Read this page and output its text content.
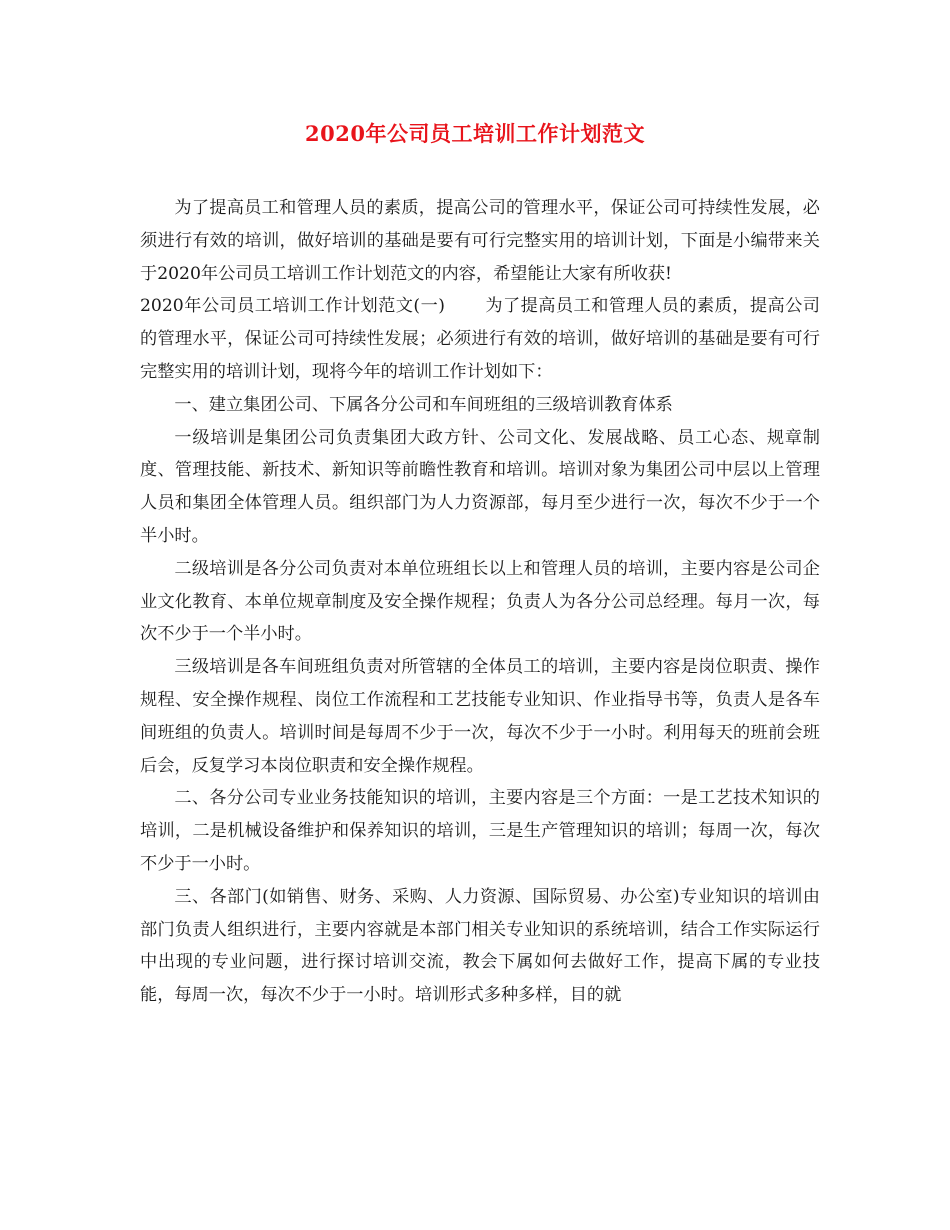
2020年公司员工培训工作计划范文

为了提高员工和管理人员的素质，提高公司的管理水平，保证公司可持续性发展，必须进行有效的培训，做好培训的基础是要有可行完整实用的培训计划，下面是小编带来关于2020年公司员工培训工作计划范文的内容，希望能让大家有所收获!

2020年公司员工培训工作计划范文(一) 为了提高员工和管理人员的素质，提高公司的管理水平，保证公司可持续性发展；必须进行有效的培训，做好培训的基础是要有可行完整实用的培训计划，现将今年的培训工作计划如下：

一、建立集团公司、下属各分公司和车间班组的三级培训教育体系

一级培训是集团公司负责集团大政方针、公司文化、发展战略、员工心态、规章制度、管理技能、新技术、新知识等前瞻性教育和培训。培训对象为集团公司中层以上管理人员和集团全体管理人员。组织部门为人力资源部，每月至少进行一次，每次不少于一个半小时。

二级培训是各分公司负责对本单位班组长以上和管理人员的培训，主要内容是公司企业文化教育、本单位规章制度及安全操作规程；负责人为各分公司总经理。每月一次，每次不少于一个半小时。

三级培训是各车间班组负责对所管辖的全体员工的培训，主要内容是岗位职责、操作规程、安全操作规程、岗位工作流程和工艺技能专业知识、作业指导书等，负责人是各车间班组的负责人。培训时间是每周不少于一次，每次不少于一小时。利用每天的班前会班后会，反复学习本岗位职责和安全操作规程。

二、各分公司专业业务技能知识的培训，主要内容是三个方面：一是工艺技术知识的培训，二是机械设备维护和保养知识的培训，三是生产管理知识的培训；每周一次，每次不少于一小时。

三、各部门(如销售、财务、采购、人力资源、国际贸易、办公室)专业知识的培训由部门负责人组织进行，主要内容就是本部门相关专业知识的系统培训，结合工作实际运行中出现的专业问题，进行探讨培训交流，教会下属如何去做好工作，提高下属的专业技能，每周一次，每次不少于一小时。培训形式多种多样，目的就
